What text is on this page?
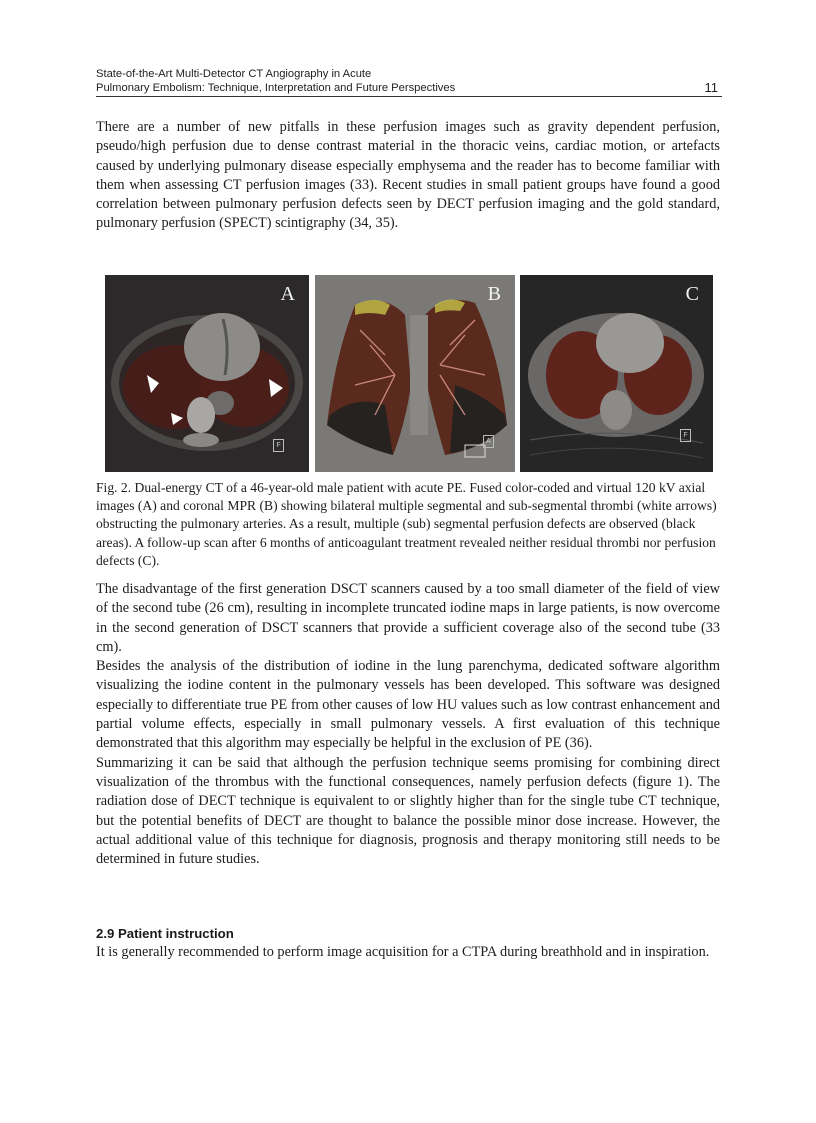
State-of-the-Art Multi-Detector CT Angiography in Acute
Pulmonary Embolism: Technique, Interpretation and Future Perspectives	11

There are a number of new pitfalls in these perfusion images such as gravity dependent perfusion, pseudo/high perfusion due to dense contrast material in the thoracic veins, cardiac motion, or artefacts caused by underlying pulmonary disease especially emphysema and the reader has to become familiar with them when assessing CT perfusion images (33). Recent studies in small patient groups have found a good correlation between pulmonary perfusion defects seen by DECT perfusion imaging and the gold standard, pulmonary perfusion (SPECT) scintigraphy (34, 35).

A
F
B
A
C
F
Fig. 2. Dual-energy CT of a 46-year-old male patient with acute PE. Fused color-coded and virtual 120 kV axial images (A) and coronal MPR (B) showing bilateral multiple segmental and sub-segmental thrombi (white arrows) obstructing the pulmonary arteries. As a result, multiple (sub) segmental perfusion defects are observed (black areas). A follow-up scan after 6 months of anticoagulant treatment revealed neither residual thrombi nor perfusion defects (C).

The disadvantage of the first generation DSCT scanners caused by a too small diameter of the field of view of the second tube (26 cm), resulting in incomplete truncated iodine maps in large patients, is now overcome in the second generation of DSCT scanners that provide a sufficient coverage also of the second tube (33 cm).

Besides the analysis of the distribution of iodine in the lung parenchyma, dedicated software algorithm visualizing the iodine content in the pulmonary vessels has been developed. This software was designed especially to differentiate true PE from other causes of low HU values such as low contrast enhancement and partial volume effects, especially in small pulmonary vessels. A first evaluation of this technique demonstrated that this algorithm may especially be helpful in the exclusion of PE (36).

Summarizing it can be said that although the perfusion technique seems promising for combining direct visualization of the thrombus with the functional consequences, namely perfusion defects (figure 1). The radiation dose of DECT technique is equivalent to or slightly higher than for the single tube CT technique, but the potential benefits of DECT are thought to balance the possible minor dose increase. However, the actual additional value of this technique for diagnosis, prognosis and therapy monitoring still needs to be determined in future studies.

2.9 Patient instruction

It is generally recommended to perform image acquisition for a CTPA during breathhold and in inspiration.
